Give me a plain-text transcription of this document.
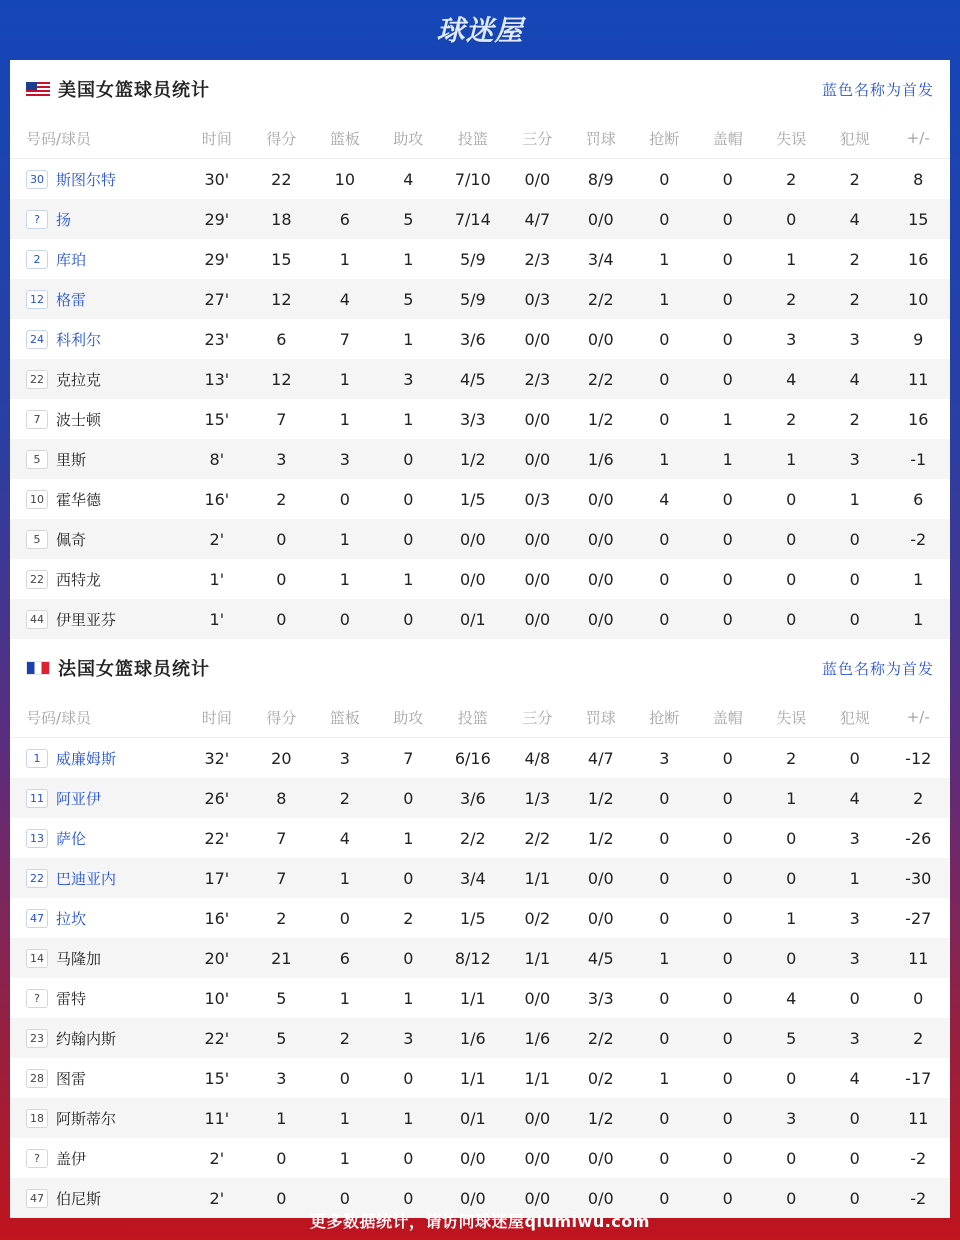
球迷屋
美国女篮球员统计	蓝色名称为首发
号码/球员	时间	得分	篮板	助攻	投篮	三分	罚球	抢断	盖帽	失误	犯规	+/-
30 斯图尔特	30'	22	10	4	7/10	0/0	8/9	0	0	2	2	8
? 扬	29'	18	6	5	7/14	4/7	0/0	0	0	0	4	15
2 库珀	29'	15	1	1	5/9	2/3	3/4	1	0	1	2	16
12 格雷	27'	12	4	5	5/9	0/3	2/2	1	0	2	2	10
24 科利尔	23'	6	7	1	3/6	0/0	0/0	0	0	3	3	9
22 克拉克	13'	12	1	3	4/5	2/3	2/2	0	0	4	4	11
7 波士顿	15'	7	1	1	3/3	0/0	1/2	0	1	2	2	16
5 里斯	8'	3	3	0	1/2	0/0	1/6	1	1	1	3	-1
10 霍华德	16'	2	0	0	1/5	0/3	0/0	4	0	0	1	6
5 佩奇	2'	0	1	0	0/0	0/0	0/0	0	0	0	0	-2
22 西特龙	1'	0	1	1	0/0	0/0	0/0	0	0	0	0	1
44 伊里亚芬	1'	0	0	0	0/1	0/0	0/0	0	0	0	0	1
法国女篮球员统计	蓝色名称为首发
号码/球员	时间	得分	篮板	助攻	投篮	三分	罚球	抢断	盖帽	失误	犯规	+/-
1 威廉姆斯	32'	20	3	7	6/16	4/8	4/7	3	0	2	0	-12
11 阿亚伊	26'	8	2	0	3/6	1/3	1/2	0	0	1	4	2
13 萨伦	22'	7	4	1	2/2	2/2	1/2	0	0	0	3	-26
22 巴迪亚内	17'	7	1	0	3/4	1/1	0/0	0	0	0	1	-30
47 拉坎	16'	2	0	2	1/5	0/2	0/0	0	0	1	3	-27
14 马隆加	20'	21	6	0	8/12	1/1	4/5	1	0	0	3	11
? 雷特	10'	5	1	1	1/1	0/0	3/3	0	0	4	0	0
23 约翰内斯	22'	5	2	3	1/6	1/6	2/2	0	0	5	3	2
28 图雷	15'	3	0	0	1/1	1/1	0/2	1	0	0	4	-17
18 阿斯蒂尔	11'	1	1	1	0/1	0/0	1/2	0	0	3	0	11
? 盖伊	2'	0	1	0	0/0	0/0	0/0	0	0	0	0	-2
47 伯尼斯	2'	0	0	0	0/0	0/0	0/0	0	0	0	0	-2
更多数据统计，请访问球迷屋qiumiwu.com
